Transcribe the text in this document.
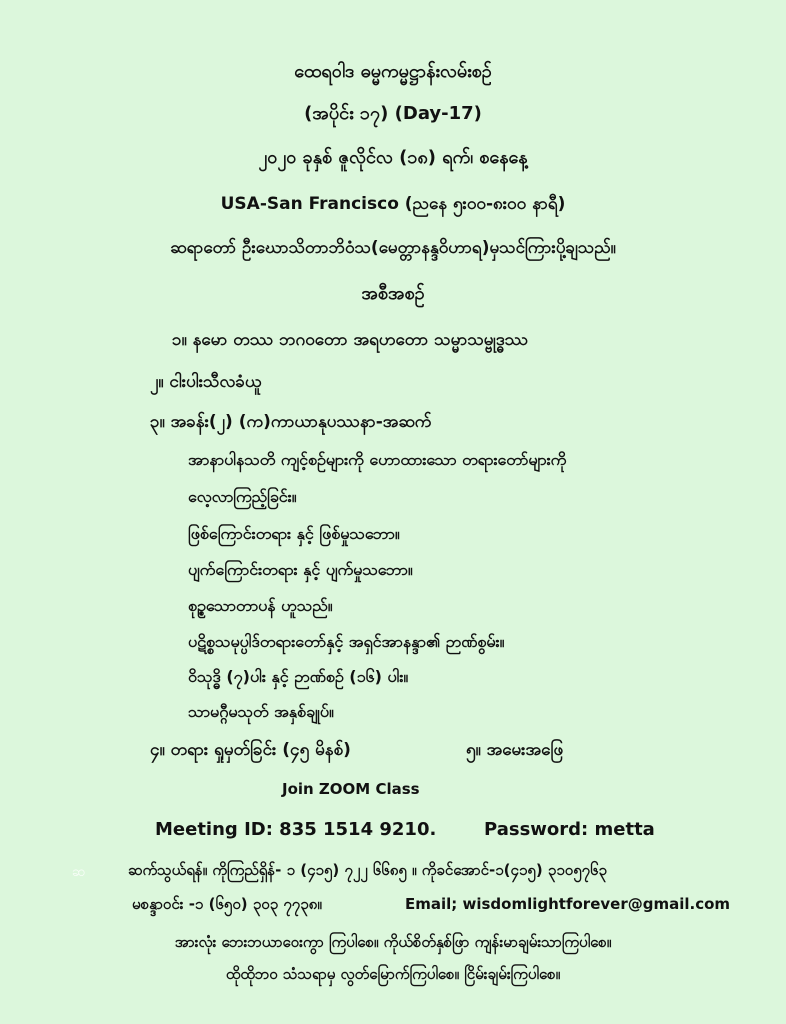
ထေရဝါဒ ဓမ္မကမ္မဋ္ဌာန်းလမ်းစဉ်
(အပိုင်း ၁၇) (Day-17)
၂၀၂၀ ခုနှစ် ဇူလိုင်လ (၁၈) ရက်၊ စနေနေ့
USA-San Francisco (ညနေ ၅း၀၀-၈း၀၀ နာရီ)
ဆရာတော် ဦးဃောသိတာဘိဝံသ(မေတ္တာနန္ဒဝိဟာရ)မှသင်ကြားပို့ချသည်။
အစီအစဉ်
၁။ နမော တဿ ဘဂဝတော အရဟတော သမ္မာသမ္ဗုဒ္ဓဿ
၂။ ငါးပါးသီလခံယူ
၃။ အခန်း(၂) (က)ကာယာနုပဿနာ-အဆက်
အာနာပါနသတိ ကျင့်စဉ်များကို ဟောထားသော တရားတော်များကို
လေ့လာကြည့်ခြင်း။
ဖြစ်ကြောင်းတရား နှင့် ဖြစ်မှုသဘော။
ပျက်ကြောင်းတရား နှင့် ပျက်မှုသဘော။
စုဥ္စသောတာပန် ဟူသည်။
ပဋိစ္စသမုပ္ပါဒ်တရားတော်နှင့် အရှင်အာနန္ဒာ၏ ဉာဏ်စွမ်း။
ဝိသုဒ္ဓိ (၇)ပါး နှင့် ဉာဏ်စဉ် (၁၆) ပါး။
သာမဂ္ဂီမသုတ် အနှစ်ချုပ်။
၄။ တရား ရှုမှတ်ခြင်း (၄၅ မိနစ်)	၅။ အမေးအဖြေ
Join ZOOM Class
Meeting ID: 835 1514 9210.	Password: metta
ဆ	ဆက်သွယ်ရန်။ ကိုကြည်ရှိန်- ၁ (၄၁၅) ၇၂၂ ၆၆၈၅ ။ ကိုခင်အောင်-၁(၄၁၅) ၃၁၀၅၇၆၃
မစန္ဒာဝင်း -၁ (၆၅၀) ၃၀၃ ၇၇၃၈။	Email; wisdomlightforever@gmail.com
အားလုံး ဘေးဘယာဝေးကွာ ကြပါစေ။ ကိုယ်စိတ်နှစ်ဖြာ ကျန်းမာချမ်းသာကြပါစေ။
ထိုထိုဘဝ သံသရာမှ လွတ်မြောက်ကြပါစေ။ ငြိမ်းချမ်းကြပါစေ။
